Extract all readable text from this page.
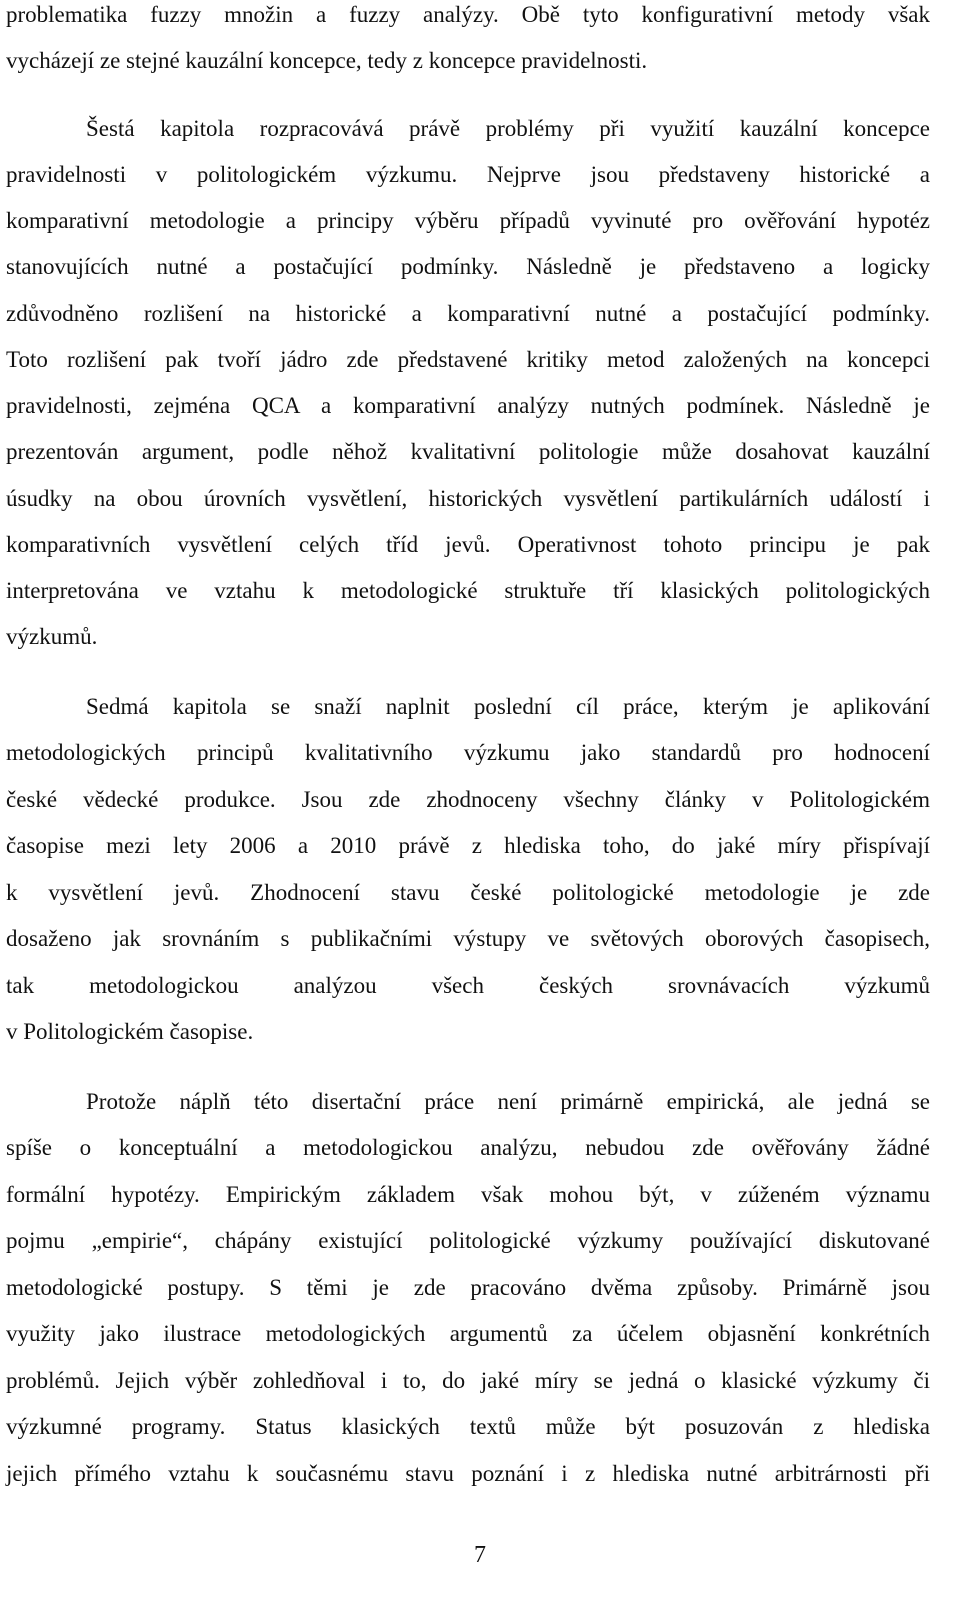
problematika fuzzy množin a fuzzy analýzy. Obě tyto konfigurativní metody však
vycházejí ze stejné kauzální koncepce, tedy z koncepce pravidelnosti.
Šestá kapitola rozpracovává právě problémy při využití kauzální koncepce
pravidelnosti v politologickém výzkumu. Nejprve jsou představeny historické a
komparativní metodologie a principy výběru případů vyvinuté pro ověřování hypotéz
stanovujících nutné a postačující podmínky. Následně je představeno a logicky
zdůvodněno rozlišení na historické a komparativní nutné a postačující podmínky.
Toto rozlišení pak tvoří jádro zde představené kritiky metod založených na koncepci
pravidelnosti, zejména QCA a komparativní analýzy nutných podmínek. Následně je
prezentován argument, podle něhož kvalitativní politologie může dosahovat kauzální
úsudky na obou úrovních vysvětlení, historických vysvětlení partikulárních událostí i
komparativních vysvětlení celých tříd jevů. Operativnost tohoto principu je pak
interpretována ve vztahu k metodologické struktuře tří klasických politologických
výzkumů.
Sedmá kapitola se snaží naplnit poslední cíl práce, kterým je aplikování
metodologických principů kvalitativního výzkumu jako standardů pro hodnocení
české vědecké produkce. Jsou zde zhodnoceny všechny články v Politologickém
časopise mezi lety 2006 a 2010 právě z hlediska toho, do jaké míry přispívají
k vysvětlení jevů. Zhodnocení stavu české politologické metodologie je zde
dosaženo jak srovnáním s publikačními výstupy ve světových oborových časopisech,
tak metodologickou analýzou všech českých srovnávacích výzkumů
v Politologickém časopise.
Protože náplň této disertační práce není primárně empirická, ale jedná se
spíše o konceptuální a metodologickou analýzu, nebudou zde ověřovány žádné
formální hypotézy. Empirickým základem však mohou být, v zúženém významu
pojmu „empirie“, chápány existující politologické výzkumy používající diskutované
metodologické postupy. S těmi je zde pracováno dvěma způsoby. Primárně jsou
využity jako ilustrace metodologických argumentů za účelem objasnění konkrétních
problémů. Jejich výběr zohledňoval i to, do jaké míry se jedná o klasické výzkumy či
výzkumné programy. Status klasických textů může být posuzován z hlediska
jejich přímého vztahu k současnému stavu poznání i z hlediska nutné arbitrárnosti při
7
